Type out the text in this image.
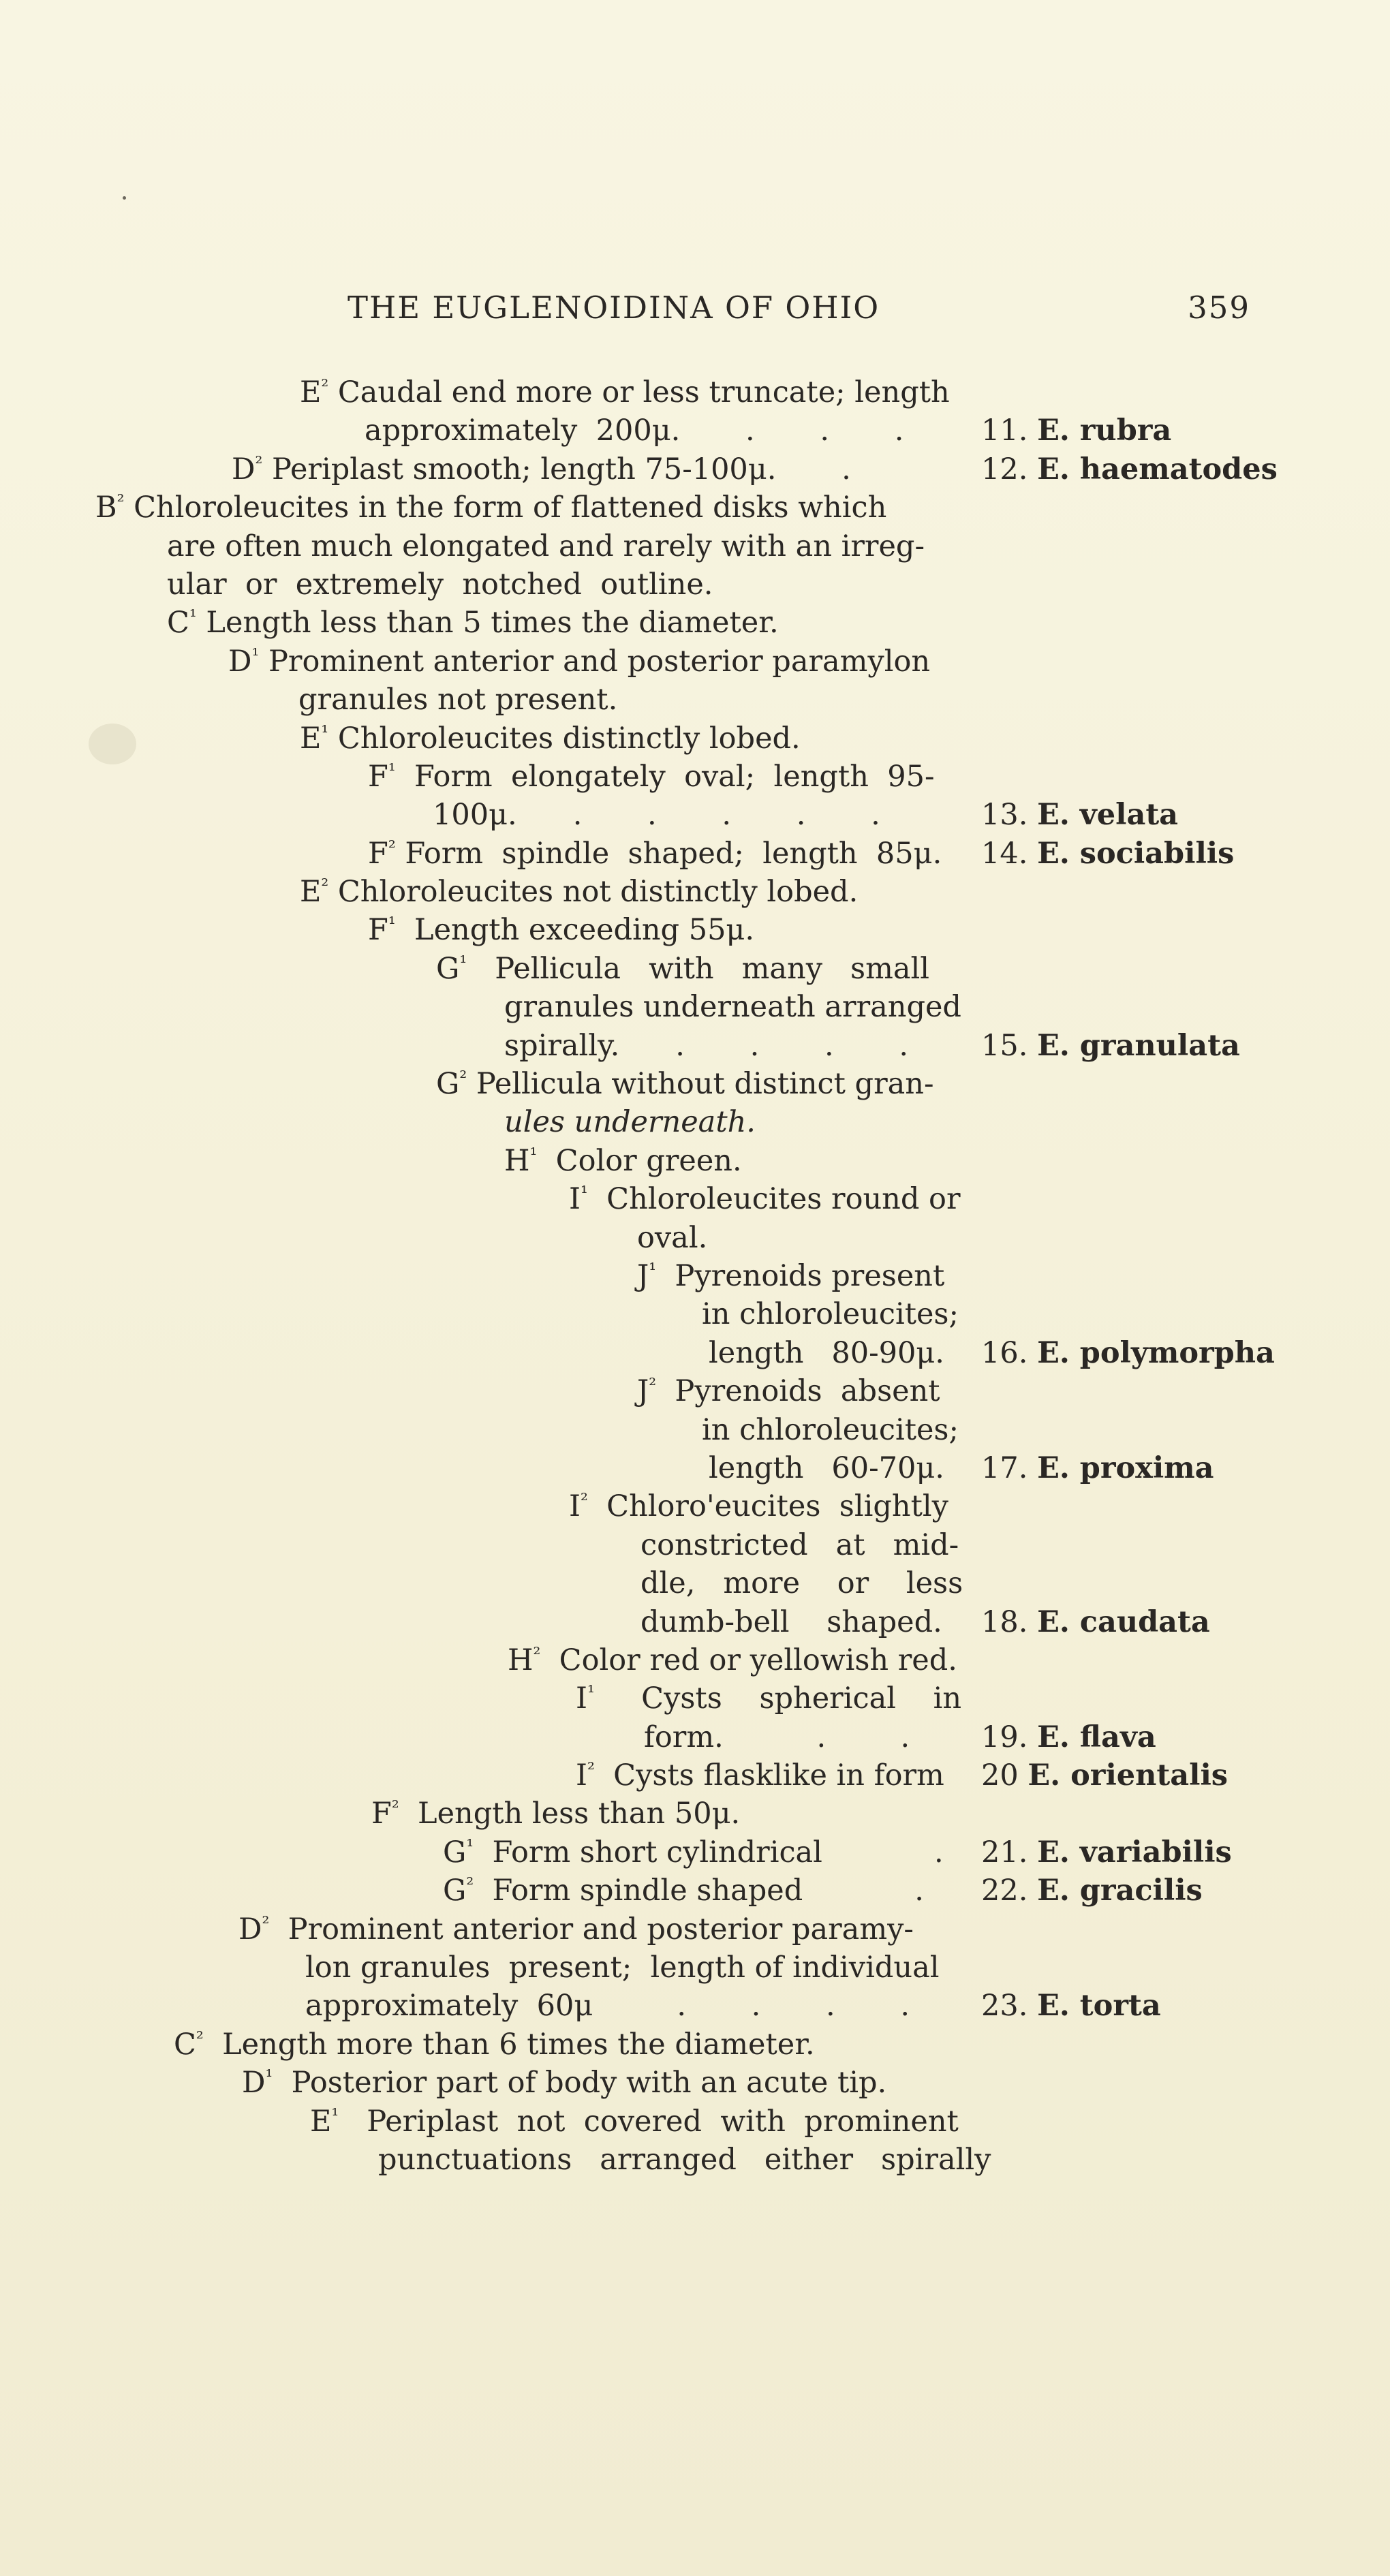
THE EUGLENOIDINA OF OHIO	359
$E^{^2}$ Caudal end more or less truncate; length
approximately  200μ.       .       .       .	11. E. rubra
$D^{^2}$ Periplast smooth; length 75-100μ.       .	12. E. haematodes
$B^{^2}$ Chloroleucites in the form of flattened disks which
are often much elongated and rarely with an irreg-
ular  or  extremely  notched  outline.
$C^{^1}$ Length less than 5 times the diameter.
$D^{^1}$ Prominent anterior and posterior paramylon
granules not present.
$E^{^1}$ Chloroleucites distinctly lobed.
$F^{^1}$  Form  elongately  oval;  length  95-
100μ.      .       .       .       .       .	13. E. velata
$F^{^2}$ Form  spindle  shaped;  length  85μ. 14. E. sociabilis
$E^{^2}$ Chloroleucites not distinctly lobed.
$F^{^1}$  Length exceeding 55μ.
$G^{^1}$   Pellicula   with   many   small
granules underneath arranged
spirally.      .       .       .       . 15. E. granulata
$G^{^2}$ Pellicula without distinct gran-
ules underneath.
$H^{^1}$  Color green.
$I^{^1}$  Chloroleucites round or
oval.
$J^{^1}$  Pyrenoids present
in chloroleucites;
length   80-90μ. 16. E. polymorpha
$J^{^2}$  Pyrenoids  absent
in chloroleucites;
length   60-70μ. 17. E. proxima
$I^{^2}$  Chloro'eucites  slightly
constricted   at   mid-
dle,   more    or    less
dumb-bell    shaped. 18. E. caudata
$H^{^2}$  Color red or yellowish red.
$I^{^1}$     Cysts    spherical    in
form.          .        . 19. E. flava
$I^{^2}$  Cysts flasklike in form 20 E. orientalis
$F^{^2}$  Length less than 50μ.
$G^{^1}$  Form short cylindrical            . 21. E. variabilis
$G^{^2}$  Form spindle shaped            . 22. E. gracilis
$D^{^2}$  Prominent anterior and posterior paramy-
lon granules  present;  length of individual
approximately  60μ         .       .       .       . 23. E. torta
$C^{^2}$  Length more than 6 times the diameter.
$D^{^1}$  Posterior part of body with an acute tip.
$E^{^1}$   Periplast  not  covered  with  prominent
punctuations   arranged   either   spirally
